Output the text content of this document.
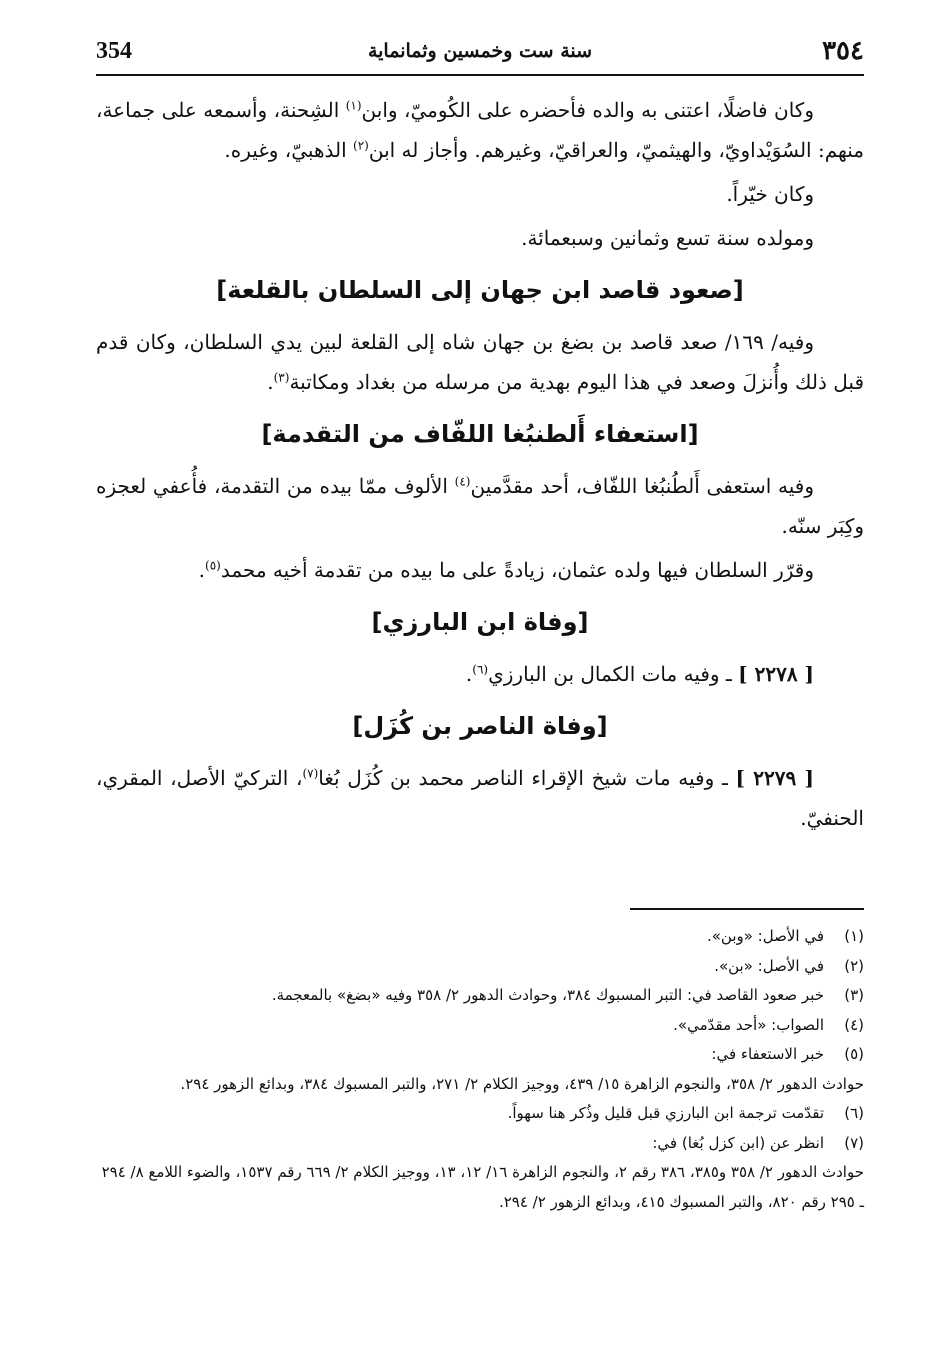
354	سنة ست وخمسين وثمانماية	٣٥٤

وكان فاضلًا، اعتنى به والده فأحضره على الكُوميّ، وابن$^{(١)}$ الشِحنة، وأسمعه على جماعة، منهم: السُوَيْداويّ، والهيثميّ، والعراقيّ، وغيرهم. وأجاز له ابن$^{(٢)}$ الذهبيّ، وغيره.

وكان خيّراً.

ومولده سنة تسع وثمانين وسبعمائة.

[صعود قاصد ابن جهان إلى السلطان بالقلعة]

وفيه/ ١٦٩/ صعد قاصد بن بضغ بن جهان شاه إلى القلعة لبين يدي السلطان، وكان قدم قبل ذلك وأُنزلَ وصعد في هذا اليوم بهدية من مرسله من بغداد ومكاتبة$^{(٣)}$.

[استعفاء أَلطنبُغا اللفّاف من التقدمة]

وفيه استعفى أَلطُنبُغا اللفّاف، أحد مقدَّمين$^{(٤)}$ الألوف ممّا بيده من التقدمة، فأُعفي لعجزه وكِبَر سنّه.

وقرّر السلطان فيها ولده عثمان، زيادةً على ما بيده من تقدمة أخيه محمد$^{(٥)}$.

[وفاة ابن البارزي]

[ ٢٢٧٨ ] ـ وفيه مات الكمال بن البارزي$^{(٦)}$.

[وفاة الناصر بن كُزَل]

[ ٢٢٧٩ ] ـ وفيه مات شيخ الإقراء الناصر محمد بن كُزَل بُغا$^{(٧)}$، التركيّ الأصل، المقري، الحنفيّ.

(١)
في الأصل: «وبن».
(٢)
في الأصل: «بن».
(٣)
خبر صعود القاصد في: التبر المسبوك ٣٨٤، وحوادث الدهور ٢/ ٣٥٨ وفيه «بضغ» بالمعجمة.
(٤)
الصواب: «أحد مقدّمي».
(٥)
خبر الاستعفاء في:
حوادث الدهور ٢/ ٣٥٨، والنجوم الزاهرة ١٥/ ٤٣٩، ووجيز الكلام ٢/ ٢٧١، والتبر المسبوك ٣٨٤، وبدائع الزهور ٢٩٤.
(٦)
تقدّمت ترجمة ابن البارزي قبل قليل وذُكر هنا سهواً.
(٧)
انظر عن (ابن كزل بُغا) في:
حوادث الدهور ٢/ ٣٥٨ و٣٨٥، ٣٨٦ رقم ٢، والنجوم الزاهرة ١٦/ ١٢، ١٣، ووجيز الكلام ٢/ ٦٦٩ رقم ١٥٣٧، والضوء اللامع ٨/ ٢٩٤ ـ ٢٩٥ رقم ٨٢٠، والتبر المسبوك ٤١٥، وبدائع الزهور ٢/ ٢٩٤.
